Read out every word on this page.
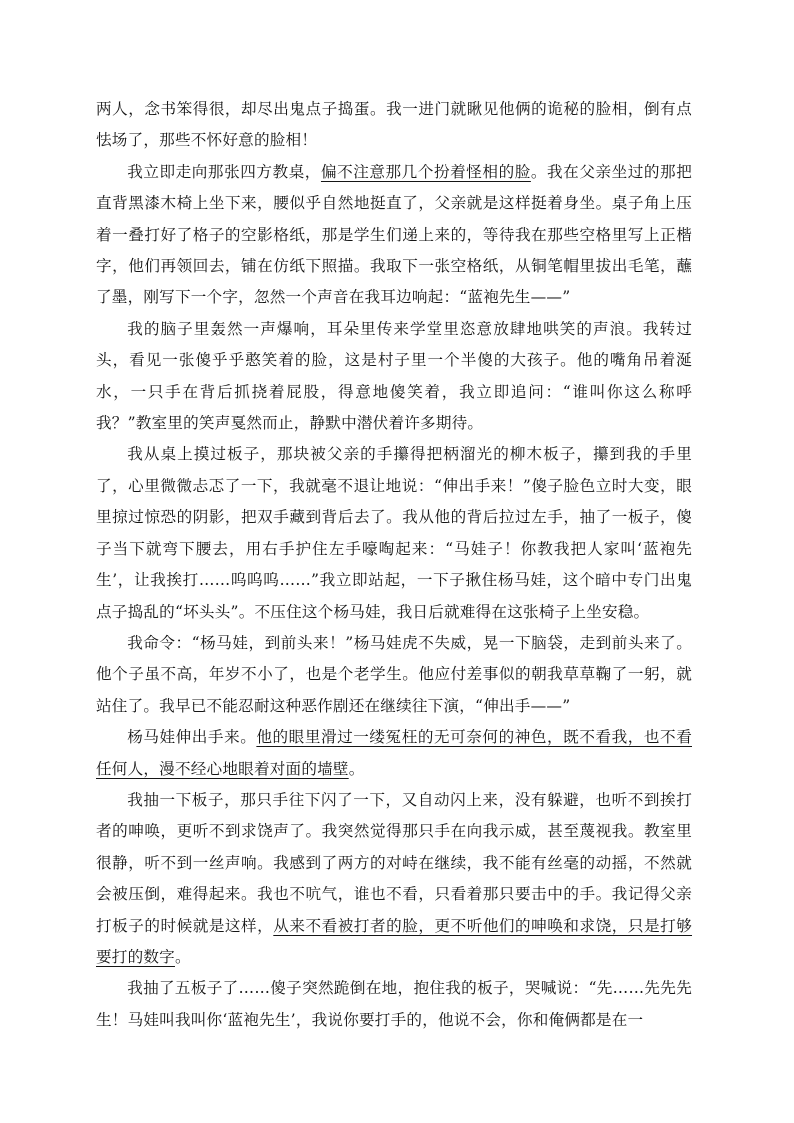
两人，念书笨得很，却尽出鬼点子捣蛋。我一进门就瞅见他俩的诡秘的脸相，倒有点怯场了，那些不怀好意的脸相！

我立即走向那张四方教桌，偏不注意那几个扮着怪相的脸。我在父亲坐过的那把直背黑漆木椅上坐下来，腰似乎自然地挺直了，父亲就是这样挺着身坐。桌子角上压着一叠打好了格子的空影格纸，那是学生们递上来的，等待我在那些空格里写上正楷字，他们再领回去，铺在仿纸下照描。我取下一张空格纸，从铜笔帽里拔出毛笔，蘸了墨，刚写下一个字，忽然一个声音在我耳边响起：“蓝袍先生——”

我的脑子里轰然一声爆响，耳朵里传来学堂里恣意放肆地哄笑的声浪。我转过头，看见一张傻乎乎憨笑着的脸，这是村子里一个半傻的大孩子。他的嘴角吊着涎水，一只手在背后抓挠着屁股，得意地傻笑着，我立即追问：“谁叫你这么称呼我？”教室里的笑声戛然而止，静默中潜伏着许多期待。

我从桌上摸过板子，那块被父亲的手攥得把柄溜光的柳木板子，攥到我的手里了，心里微微忐忑了一下，我就毫不退让地说：“伸出手来！”傻子脸色立时大变，眼里掠过惊恐的阴影，把双手藏到背后去了。我从他的背后拉过左手，抽了一板子，傻子当下就弯下腰去，用右手护住左手嚎啕起来：“马娃子！你教我把人家叫‘蓝袍先生’，让我挨打……呜呜呜……”我立即站起，一下子揪住杨马娃，这个暗中专门出鬼点子捣乱的“坏头头”。不压住这个杨马娃，我日后就难得在这张椅子上坐安稳。

我命令：“杨马娃，到前头来！”杨马娃虎不失威，晃一下脑袋，走到前头来了。他个子虽不高，年岁不小了，也是个老学生。他应付差事似的朝我草草鞠了一躬，就站住了。我早已不能忍耐这种恶作剧还在继续往下演，“伸出手——”

杨马娃伸出手来。他的眼里滑过一缕冤枉的无可奈何的神色，既不看我，也不看任何人，漫不经心地眼着对面的墙壁。

我抽一下板子，那只手往下闪了一下，又自动闪上来，没有躲避，也听不到挨打者的呻唤，更听不到求饶声了。我突然觉得那只手在向我示威，甚至蔑视我。教室里很静，听不到一丝声响。我感到了两方的对峙在继续，我不能有丝毫的动摇，不然就会被压倒，难得起来。我也不吭气，谁也不看，只看着那只要击中的手。我记得父亲打板子的时候就是这样，从来不看被打者的脸，更不听他们的呻唤和求饶，只是打够要打的数字。

我抽了五板子了……傻子突然跪倒在地，抱住我的板子，哭喊说：“先……先先先生！马娃叫我叫你‘蓝袍先生’，我说你要打手的，他说不会，你和俺俩都是在一
